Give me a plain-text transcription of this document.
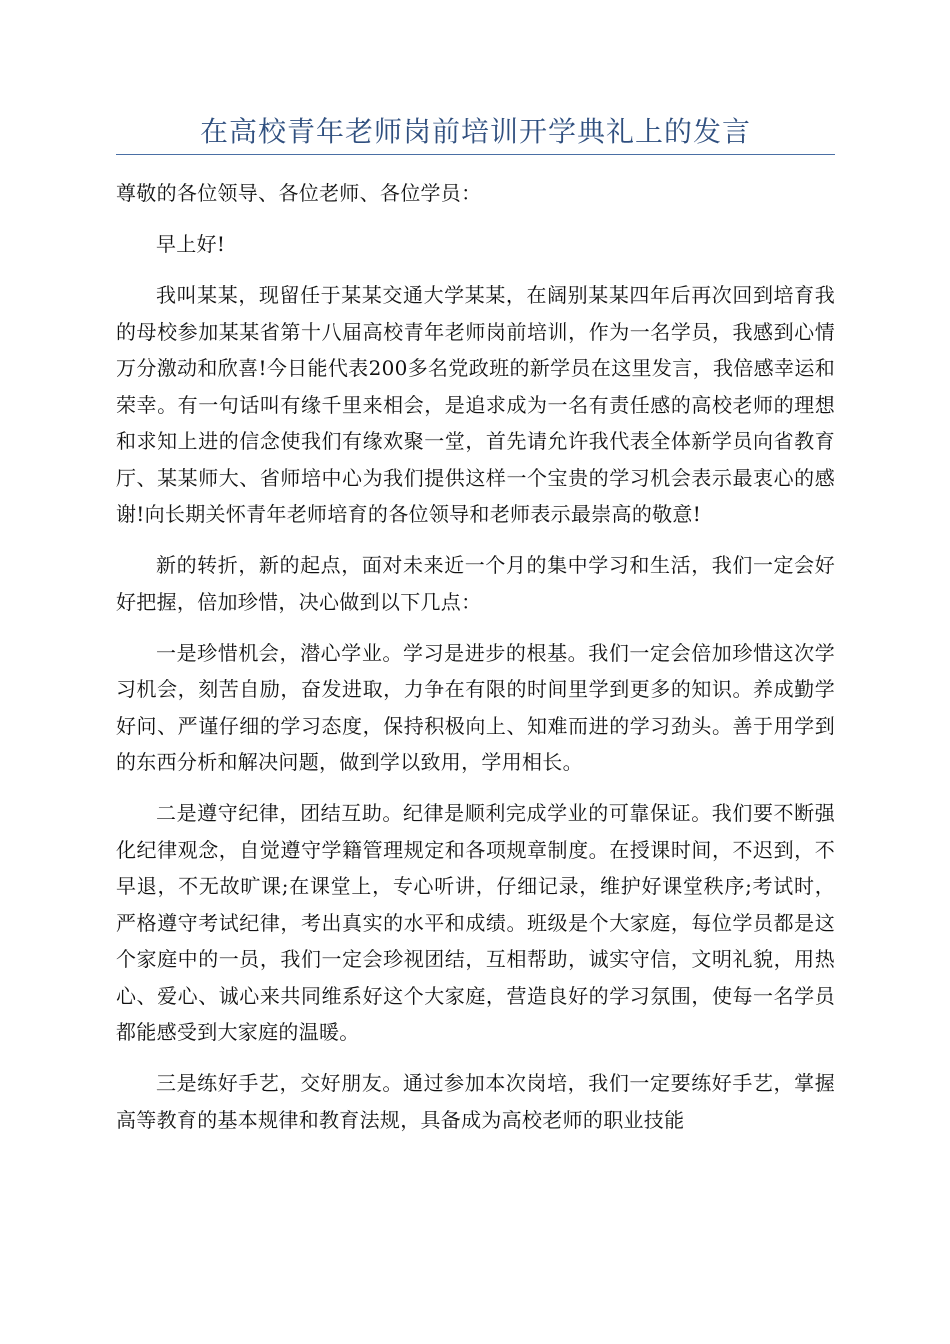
在高校青年老师岗前培训开学典礼上的发言

尊敬的各位领导、各位老师、各位学员：

早上好!

我叫某某，现留任于某某交通大学某某，在阔别某某四年后再次回到培育我的母校参加某某省第十八届高校青年老师岗前培训，作为一名学员，我感到心情万分激动和欣喜!今日能代表200多名党政班的新学员在这里发言，我倍感幸运和荣幸。有一句话叫有缘千里来相会，是追求成为一名有责任感的高校老师的理想和求知上进的信念使我们有缘欢聚一堂，首先请允许我代表全体新学员向省教育厅、某某师大、省师培中心为我们提供这样一个宝贵的学习机会表示最衷心的感谢!向长期关怀青年老师培育的各位领导和老师表示最崇高的敬意!

新的转折，新的起点，面对未来近一个月的集中学习和生活，我们一定会好好把握，倍加珍惜，决心做到以下几点：

一是珍惜机会，潜心学业。学习是进步的根基。我们一定会倍加珍惜这次学习机会，刻苦自励，奋发进取，力争在有限的时间里学到更多的知识。养成勤学好问、严谨仔细的学习态度，保持积极向上、知难而进的学习劲头。善于用学到的东西分析和解决问题，做到学以致用，学用相长。

二是遵守纪律，团结互助。纪律是顺利完成学业的可靠保证。我们要不断强化纪律观念，自觉遵守学籍管理规定和各项规章制度。在授课时间，不迟到，不早退，不无故旷课;在课堂上，专心听讲，仔细记录，维护好课堂秩序;考试时，严格遵守考试纪律，考出真实的水平和成绩。班级是个大家庭，每位学员都是这个家庭中的一员，我们一定会珍视团结，互相帮助，诚实守信，文明礼貌，用热心、爱心、诚心来共同维系好这个大家庭，营造良好的学习氛围，使每一名学员都能感受到大家庭的温暖。

三是练好手艺，交好朋友。通过参加本次岗培，我们一定要练好手艺，掌握高等教育的基本规律和教育法规，具备成为高校老师的职业技能
